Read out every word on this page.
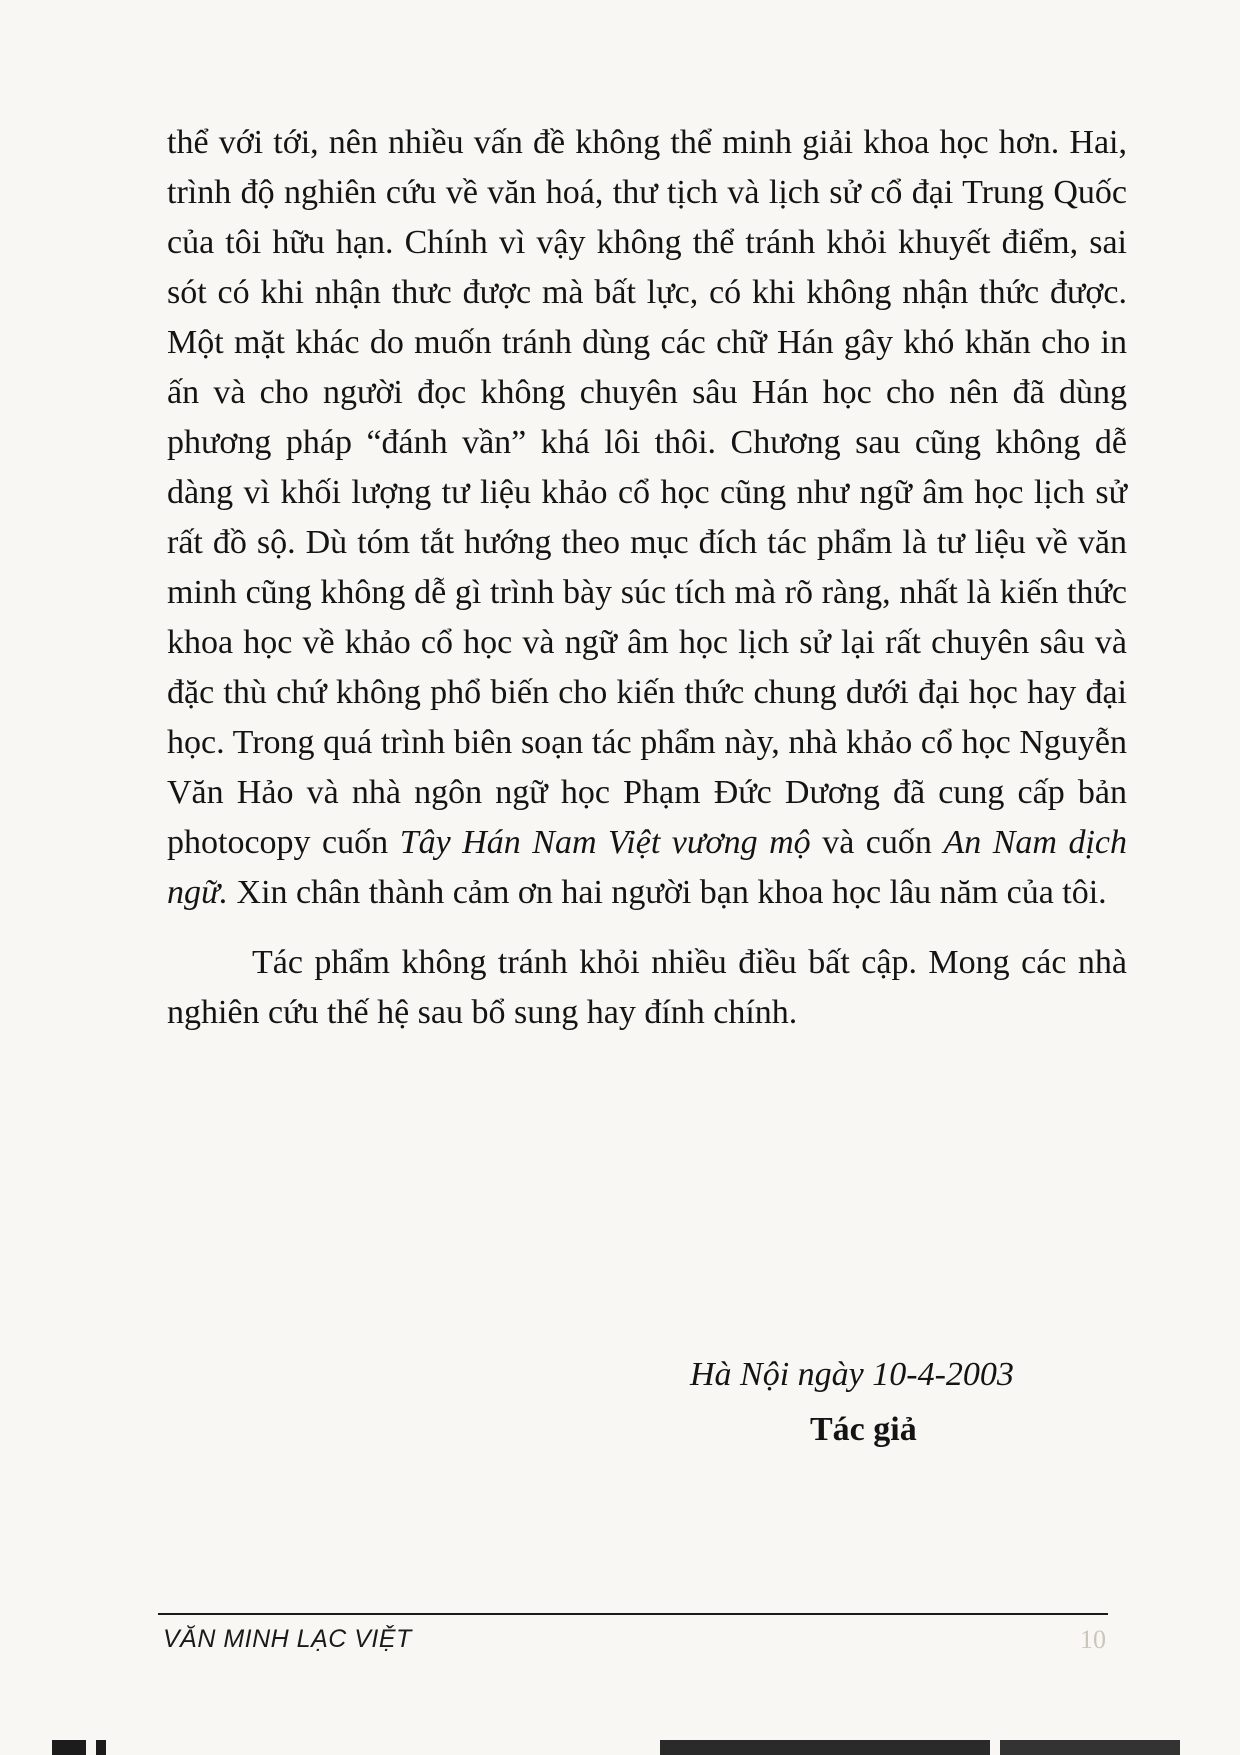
thể với tới, nên nhiều vấn đề không thể minh giải khoa học hơn. Hai, trình độ nghiên cứu về văn hoá, thư tịch và lịch sử cổ đại Trung Quốc của tôi hữu hạn. Chính vì vậy không thể tránh khỏi khuyết điểm, sai sót có khi nhận thưc được mà bất lực, có khi không nhận thức được. Một mặt khác do muốn tránh dùng các chữ Hán gây khó khăn cho in ấn và cho người đọc không chuyên sâu Hán học cho nên đã dùng phương pháp “đánh vần” khá lôi thôi. Chương sau cũng không dễ dàng vì khối lượng tư liệu khảo cổ học cũng như ngữ âm học lịch sử rất đồ sộ. Dù tóm tắt hướng theo mục đích tác phẩm là tư liệu về văn minh cũng không dễ gì trình bày súc tích mà rõ ràng, nhất là kiến thức khoa học về khảo cổ học và ngữ âm học lịch sử lại rất chuyên sâu và đặc thù chứ không phổ biến cho kiến thức chung dưới đại học hay đại học. Trong quá trình biên soạn tác phẩm này, nhà khảo cổ học Nguyễn Văn Hảo và nhà ngôn ngữ học Phạm Đức Dương đã cung cấp bản photocopy cuốn Tây Hán Nam Việt vương mộ và cuốn An Nam dịch ngữ. Xin chân thành cảm ơn hai người bạn khoa học lâu năm của tôi.

Tác phẩm không tránh khỏi nhiều điều bất cập. Mong các nhà nghiên cứu thế hệ sau bổ sung hay đính chính.

Hà Nội ngày 10-4-2003
Tác giả
VĂN MINH LẠC VIỆT	10
